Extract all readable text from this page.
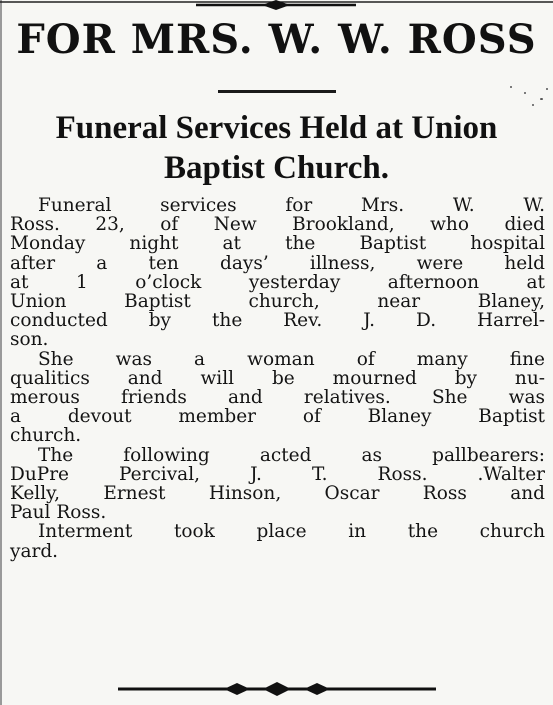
FOR MRS. W. W. ROSS
Funeral Services Held at Union
Baptist Church.
Funeral services for Mrs. W. W.
Ross. 23, of New Brookland, who died
Monday night at the Baptist hospital
after a ten days’ illness, were held
at 1 o’clock yesterday afternoon at
Union Baptist church, near Blaney,
conducted by the Rev. J. D. Harrel-
son.
She was a woman of many fine
qualitics and will be mourned by nu-
merous friends and relatives. She was
a devout member of Blaney Baptist
church.
The following acted as pallbearers:
DuPre Percival, J. T. Ross. .Walter
Kelly, Ernest Hinson, Oscar Ross and
Paul Ross.
Interment took place in the church
yard.
